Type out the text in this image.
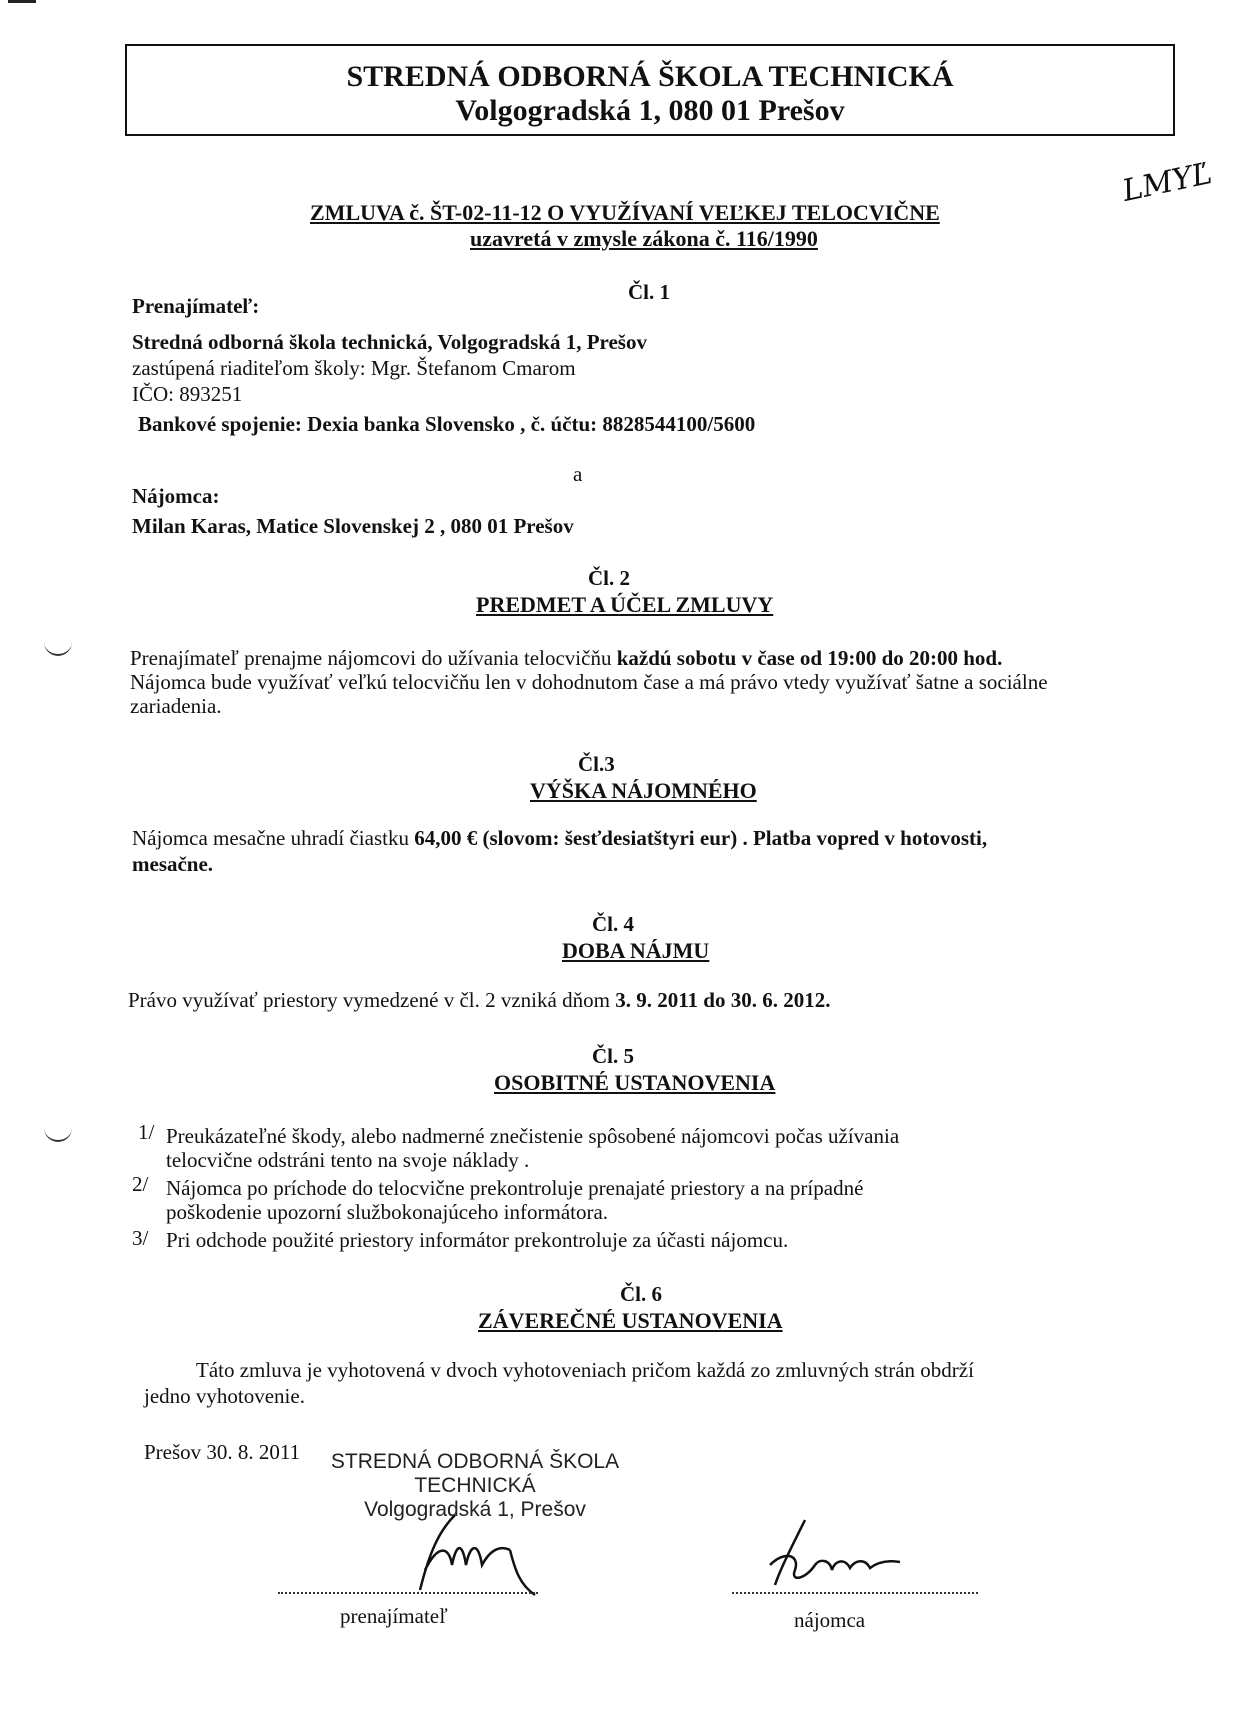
STREDNÁ ODBORNÁ ŠKOLA TECHNICKÁ
Volgogradská 1, 080 01 Prešov
ZMLUVA č. ŠT-02-11-12 O VYUŽÍVANÍ VEĽKEJ TELOCVIČNE
uzavretá v zmysle zákona č. 116/1990
LMYĽ
Čl. 1
Prenajímateľ:
Stredná odborná škola technická, Volgogradská 1, Prešov
zastúpená riaditeľom školy: Mgr. Štefanom Cmarom
IČO: 893251
Bankové spojenie: Dexia banka Slovensko , č. účtu: 8828544100/5600
a
Nájomca:
Milan Karas, Matice Slovenskej 2 , 080 01 Prešov
Čl. 2
PREDMET A ÚČEL ZMLUVY
Prenajímateľ prenajme nájomcovi do užívania telocvičňu každú sobotu v čase od 19:00 do 20:00 hod.
Nájomca bude využívať veľkú telocvičňu len v dohodnutom čase a má právo vtedy využívať šatne a sociálne
zariadenia.
Čl.3
VÝŠKA NÁJOMNÉHO
Nájomca mesačne uhradí čiastku 64,00 € (slovom: šesťdesiatštyri eur) . Platba vopred v hotovosti,
mesačne.
Čl. 4
DOBA NÁJMU
Právo využívať priestory vymedzené v čl. 2 vzniká dňom 3. 9. 2011 do 30. 6. 2012.
Čl. 5
OSOBITNÉ USTANOVENIA
1/ Preukázateľné škody, alebo nadmerné znečistenie spôsobené nájomcovi počas užívania
telocvične odstráni tento na svoje náklady .
2/ Nájomca po príchode do telocvične prekontroluje prenajaté priestory a na prípadné
poškodenie upozorní službokonajúceho informátora.
3/ Pri odchode použité priestory informátor prekontroluje za účasti nájomcu.
Čl. 6
ZÁVEREČNÉ USTANOVENIA
Táto zmluva je vyhotovená v dvoch vyhotoveniach pričom každá zo zmluvných strán obdrží
jedno vyhotovenie.
Prešov 30. 8. 2011 STREDNÁ ODBORNÁ ŠKOLA
TECHNICKÁ
Volgogradská 1, Prešov
prenajímateľ	nájomca
